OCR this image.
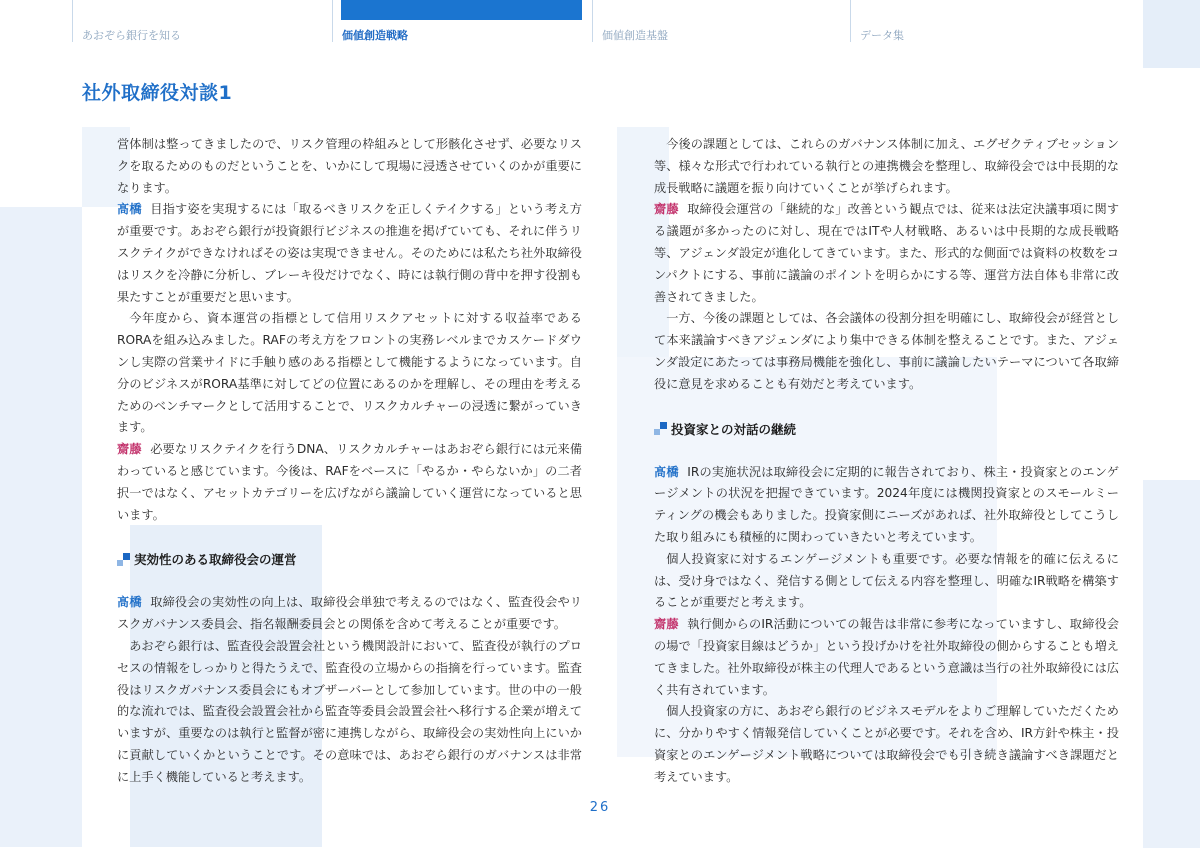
あおぞら銀行を知る	価値創造戦略	価値創造基盤	データ集
社外取締役対談1

営体制は整ってきましたので、リスク管理の枠組みとして形骸化させず、必要なリスクを取るためのものだということを、いかにして現場に浸透させていくのかが重要になります。

髙橋 目指す姿を実現するには「取るべきリスクを正しくテイクする」という考え方が重要です。あおぞら銀行が投資銀行ビジネスの推進を掲げていても、それに伴うリスクテイクができなければその姿は実現できません。そのためには私たち社外取締役はリスクを冷静に分析し、ブレーキ役だけでなく、時には執行側の背中を押す役割も果たすことが重要だと思います。

今年度から、資本運営の指標として信用リスクアセットに対する収益率であるRORAを組み込みました。RAFの考え方をフロントの実務レベルまでカスケードダウンし実際の営業サイドに手触り感のある指標として機能するようになっています。自分のビジネスがRORA基準に対してどの位置にあるのかを理解し、その理由を考えるためのベンチマークとして活用することで、リスクカルチャーの浸透に繋がっていきます。

齋藤 必要なリスクテイクを行うDNA、リスクカルチャーはあおぞら銀行には元来備わっていると感じています。今後は、RAFをベースに「やるか・やらないか」の二者択一ではなく、アセットカテゴリーを広げながら議論していく運営になっていると思います。

実効性のある取締役会の運営

髙橋 取締役会の実効性の向上は、取締役会単独で考えるのではなく、監査役会やリスクガバナンス委員会、指名報酬委員会との関係を含めて考えることが重要です。

あおぞら銀行は、監査役会設置会社という機関設計において、監査役が執行のプロセスの情報をしっかりと得たうえで、監査役の立場からの指摘を行っています。監査役はリスクガバナンス委員会にもオブザーバーとして参加しています。世の中の一般的な流れでは、監査役会設置会社から監査等委員会設置会社へ移行する企業が増えていますが、重要なのは執行と監督が密に連携しながら、取締役会の実効性向上にいかに貢献していくかということです。その意味では、あおぞら銀行のガバナンスは非常に上手く機能していると考えます。

今後の課題としては、これらのガバナンス体制に加え、エグゼクティブセッション等、様々な形式で行われている執行との連携機会を整理し、取締役会では中長期的な成長戦略に議題を振り向けていくことが挙げられます。

齋藤 取締役会運営の「継続的な」改善という観点では、従来は法定決議事項に関する議題が多かったのに対し、現在ではITや人材戦略、あるいは中長期的な成長戦略等、アジェンダ設定が進化してきています。また、形式的な側面では資料の枚数をコンパクトにする、事前に議論のポイントを明らかにする等、運営方法自体も非常に改善されてきました。

一方、今後の課題としては、各会議体の役割分担を明確にし、取締役会が経営として本来議論すべきアジェンダにより集中できる体制を整えることです。また、アジェンダ設定にあたっては事務局機能を強化し、事前に議論したいテーマについて各取締役に意見を求めることも有効だと考えています。

投資家との対話の継続

髙橋 IRの実施状況は取締役会に定期的に報告されており、株主・投資家とのエンゲージメントの状況を把握できています。2024年度には機関投資家とのスモールミーティングの機会もありました。投資家側にニーズがあれば、社外取締役としてこうした取り組みにも積極的に関わっていきたいと考えています。

個人投資家に対するエンゲージメントも重要です。必要な情報を的確に伝えるには、受け身ではなく、発信する側として伝える内容を整理し、明確なIR戦略を構築することが重要だと考えます。

齋藤 執行側からのIR活動についての報告は非常に参考になっていますし、取締役会の場で「投資家目線はどうか」という投げかけを社外取締役の側からすることも増えてきました。社外取締役が株主の代理人であるという意識は当行の社外取締役には広く共有されています。

個人投資家の方に、あおぞら銀行のビジネスモデルをよりご理解していただくために、分かりやすく情報発信していくことが必要です。それを含め、IR方針や株主・投資家とのエンゲージメント戦略については取締役会でも引き続き議論すべき課題だと考えています。

26
